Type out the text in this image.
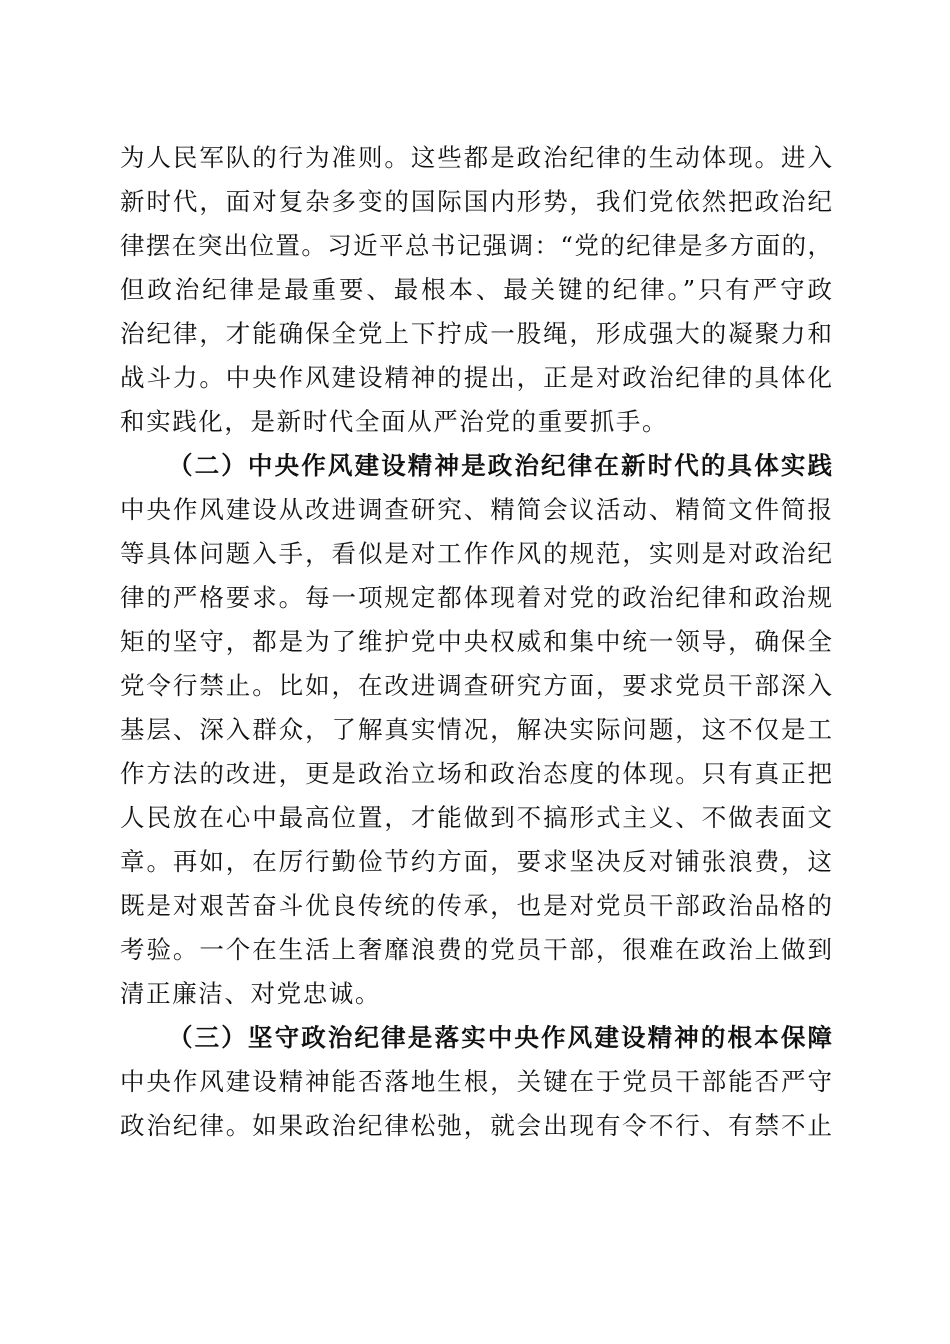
为人民军队的行为准则。这些都是政治纪律的生动体现。进入
新时代，面对复杂多变的国际国内形势，我们党依然把政治纪
律摆在突出位置。习近平总书记强调：“党的纪律是多方面的，
但政治纪律是最重要、最根本、最关键的纪律。”只有严守政
治纪律，才能确保全党上下拧成一股绳，形成强大的凝聚力和
战斗力。中央作风建设精神的提出，正是对政治纪律的具体化
和实践化，是新时代全面从严治党的重要抓手。
（二）中央作风建设精神是政治纪律在新时代的具体实践
中央作风建设从改进调查研究、精简会议活动、精简文件简报
等具体问题入手，看似是对工作作风的规范，实则是对政治纪
律的严格要求。每一项规定都体现着对党的政治纪律和政治规
矩的坚守，都是为了维护党中央权威和集中统一领导，确保全
党令行禁止。比如，在改进调查研究方面，要求党员干部深入
基层、深入群众，了解真实情况，解决实际问题，这不仅是工
作方法的改进，更是政治立场和政治态度的体现。只有真正把
人民放在心中最高位置，才能做到不搞形式主义、不做表面文
章。再如，在厉行勤俭节约方面，要求坚决反对铺张浪费，这
既是对艰苦奋斗优良传统的传承，也是对党员干部政治品格的
考验。一个在生活上奢靡浪费的党员干部，很难在政治上做到
清正廉洁、对党忠诚。
（三）坚守政治纪律是落实中央作风建设精神的根本保障
中央作风建设精神能否落地生根，关键在于党员干部能否严守
政治纪律。如果政治纪律松弛，就会出现有令不行、有禁不止
